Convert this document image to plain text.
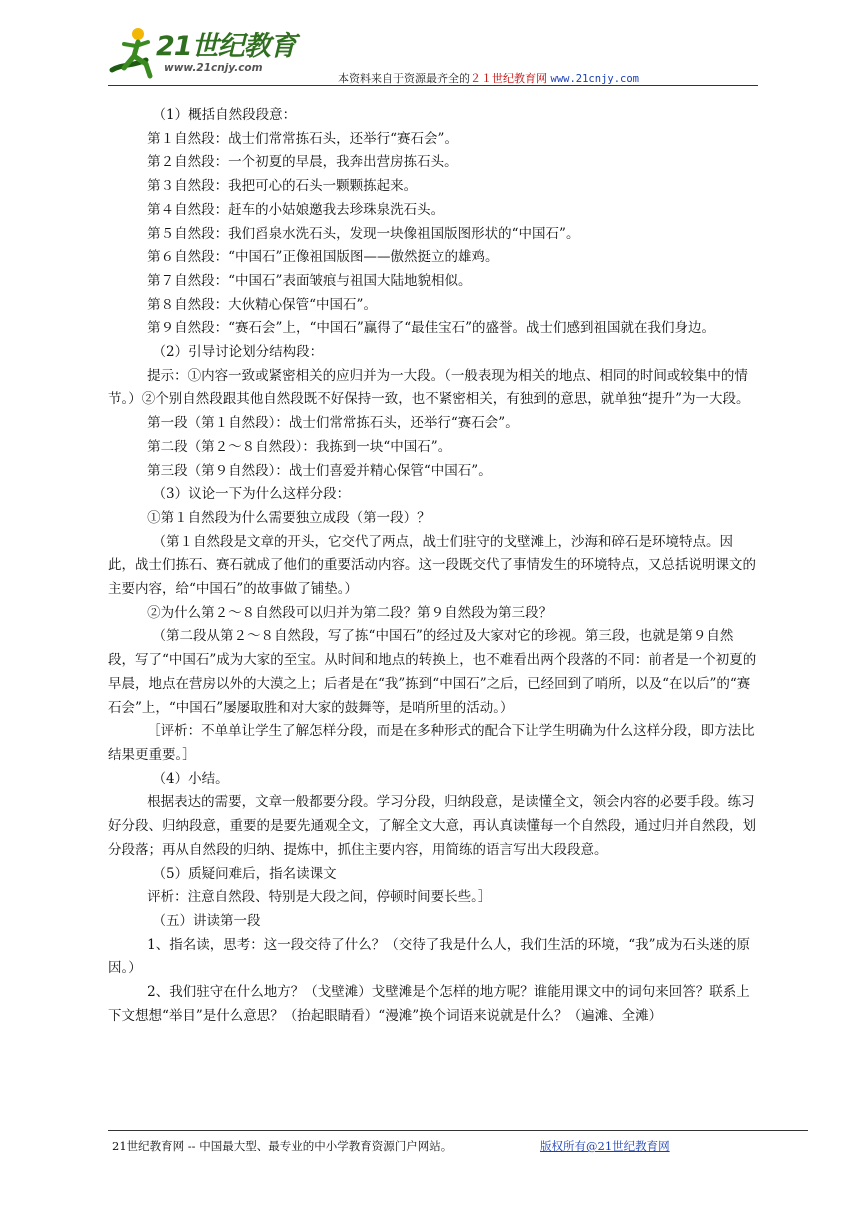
21世纪教育
www.21cnjy.com
本资料来自于资源最齐全的２１世纪教育网 www.21cnjy.com

（1）概括自然段段意：

第１自然段：战士们常常拣石头，还举行“赛石会”。

第２自然段：一个初夏的早晨，我奔出营房拣石头。

第３自然段：我把可心的石头一颗颗拣起来。

第４自然段：赶车的小姑娘邀我去珍珠泉洗石头。

第５自然段：我们舀泉水洗石头，发现一块像祖国版图形状的“中国石”。

第６自然段：“中国石”正像祖国版图——傲然挺立的雄鸡。

第７自然段：“中国石”表面皱痕与祖国大陆地貌相似。

第８自然段：大伙精心保管“中国石”。

第９自然段：“赛石会”上，“中国石”赢得了“最佳宝石”的盛誉。战士们感到祖国就在我们身边。

（2）引导讨论划分结构段：

提示：①内容一致或紧密相关的应归并为一大段。（一般表现为相关的地点、相同的时间或较集中的情节。）②个别自然段跟其他自然段既不好保持一致，也不紧密相关，有独到的意思，就单独“提升”为一大段。

第一段（第１自然段）：战士们常常拣石头，还举行“赛石会”。

第二段（第２～８自然段）：我拣到一块“中国石”。

第三段（第９自然段）：战士们喜爱并精心保管“中国石”。

（3）议论一下为什么这样分段：

①第１自然段为什么需要独立成段（第一段）？

（第１自然段是文章的开头，它交代了两点，战士们驻守的戈壁滩上，沙海和碎石是环境特点。因此，战士们拣石、赛石就成了他们的重要活动内容。这一段既交代了事情发生的环境特点，又总括说明课文的主要内容，给“中国石”的故事做了铺垫。）

②为什么第２～８自然段可以归并为第二段？第９自然段为第三段？

（第二段从第２～８自然段，写了拣“中国石”的经过及大家对它的珍视。第三段，也就是第９自然段，写了“中国石”成为大家的至宝。从时间和地点的转换上，也不难看出两个段落的不同：前者是一个初夏的早晨，地点在营房以外的大漠之上；后者是在“我”拣到“中国石”之后，已经回到了哨所，以及“在以后”的“赛石会”上，“中国石”屡屡取胜和对大家的鼓舞等，是哨所里的活动。）

［评析：不单单让学生了解怎样分段，而是在多种形式的配合下让学生明确为什么这样分段，即方法比结果更重要。］

（4）小结。

根据表达的需要，文章一般都要分段。学习分段，归纳段意，是读懂全文，领会内容的必要手段。练习好分段、归纳段意，重要的是要先通观全文，了解全文大意，再认真读懂每一个自然段，通过归并自然段，划分段落；再从自然段的归纳、提炼中，抓住主要内容，用简练的语言写出大段段意。

（5）质疑问难后，指名读课文

评析：注意自然段、特别是大段之间，停顿时间要长些。］

（五）讲读第一段

1、指名读，思考：这一段交待了什么？（交待了我是什么人，我们生活的环境，“我”成为石头迷的原因。）

2、我们驻守在什么地方？（戈壁滩）戈壁滩是个怎样的地方呢？谁能用课文中的词句来回答？联系上下文想想“举目”是什么意思？（抬起眼睛看）“漫滩”换个词语来说就是什么？（遍滩、全滩）

21世纪教育网 -- 中国最大型、最专业的中小学教育资源门户网站。	版权所有@21世纪教育网
